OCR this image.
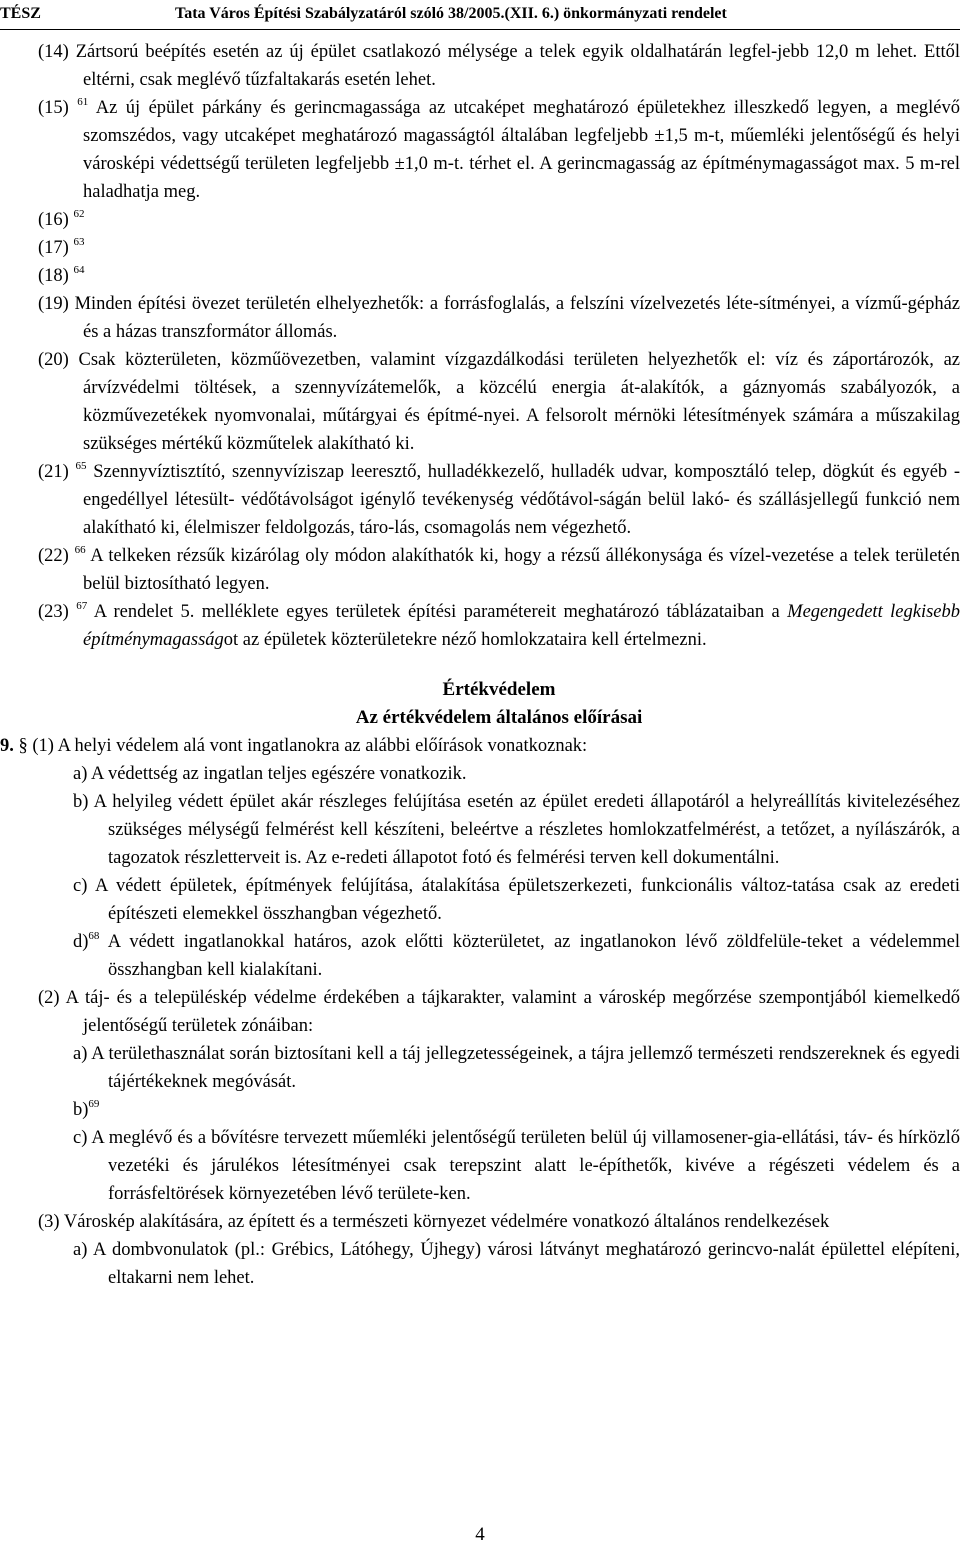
TÉSZ	Tata Város Építési Szabályzatáról szóló 38/2005.(XII. 6.) önkormányzati rendelet

(14) Zártsorú beépítés esetén az új épület csatlakozó mélysége a telek egyik oldalhatárán legfel-jebb 12,0 m lehet. Ettől eltérni, csak meglévő tűzfaltakarás esetén lehet.

(15) $^{61}$ Az új épület párkány és gerincmagassága az utcaképet meghatározó épületekhez illeszkedő legyen, a meglévő szomszédos, vagy utcaképet meghatározó magasságtól általában legfeljebb ±1,5 m-t, műemléki jelentőségű és helyi városképi védettségű területen legfeljebb ±1,0 m-t. térhet el. A gerincmagasság az építménymagasságot max. 5 m-rel haladhatja meg.

(16) $^{62}$

(17) $^{63}$

(18) $^{64}$

(19) Minden építési övezet területén elhelyezhetők: a forrásfoglalás, a felszíni vízelvezetés léte-sítményei, a vízmű-gépház és a házas transzformátor állomás.

(20) Csak közterületen, közműövezetben, valamint vízgazdálkodási területen helyezhetők el: víz és záportározók, az árvízvédelmi töltések, a szennyvízátemelők, a közcélú energia át-alakítók, a gáznyomás szabályozók, a közművezetékek nyomvonalai, műtárgyai és építmé-nyei. A felsorolt mérnöki létesítmények számára a műszakilag szükséges mértékű közműtelek alakítható ki.

(21) $^{65}$ Szennyvíztisztító, szennyvíziszap leeresztő, hulladékkezelő, hulladék udvar, komposztáló telep, dögkút és egyéb -engedéllyel létesült- védőtávolságot igénylő tevékenység védőtávol-ságán belül lakó- és szállásjellegű funkció nem alakítható ki, élelmiszer feldolgozás, táro-lás, csomagolás nem végezhető.

(22) $^{66}$ A telkeken rézsűk kizárólag oly módon alakíthatók ki, hogy a rézsű állékonysága és vízel-vezetése a telek területén belül biztosítható legyen.

(23) $^{67}$ A rendelet 5. melléklete egyes területek építési paramétereit meghatározó táblázataiban a Megengedett legkisebb építménymagasságot az épületek közterületekre néző homlokzataira kell értelmezni.

Értékvédelem

Az értékvédelem általános előírásai

9. § (1) A helyi védelem alá vont ingatlanokra az alábbi előírások vonatkoznak:

a) A védettség az ingatlan teljes egészére vonatkozik.

b) A helyileg védett épület akár részleges felújítása esetén az épület eredeti állapotáról a helyreállítás kivitelezéséhez szükséges mélységű felmérést kell készíteni, beleértve a részletes homlokzatfelmérést, a tetőzet, a nyílászárók, a tagozatok részletterveit is. Az e-redeti állapotot fotó és felmérési terven kell dokumentálni.

c) A védett épületek, építmények felújítása, átalakítása épületszerkezeti, funkcionális változ-tatása csak az eredeti építészeti elemekkel összhangban végezhető.

d)$^{68}$ A védett ingatlanokkal határos, azok előtti közterületet, az ingatlanokon lévő zöldfelüle-teket a védelemmel összhangban kell kialakítani.

(2) A táj- és a településkép védelme érdekében a tájkarakter, valamint a városkép megőrzése szempontjából kiemelkedő jelentőségű területek zónáiban:

a) A területhasználat során biztosítani kell a táj jellegzetességeinek, a tájra jellemző természeti rendszereknek és egyedi tájértékeknek megóvását.

b)$^{69}$

c) A meglévő és a bővítésre tervezett műemléki jelentőségű területen belül új villamosener-gia-ellátási, táv- és hírközlő vezetéki és járulékos létesítményei csak terepszint alatt le-építhetők, kivéve a régészeti védelem és a forrásfeltörések környezetében lévő területe-ken.

(3) Városkép alakítására, az épített és a természeti környezet védelmére vonatkozó általános rendelkezések

a) A dombvonulatok (pl.: Grébics, Látóhegy, Újhegy) városi látványt meghatározó gerincvo-nalát épülettel elépíteni, eltakarni nem lehet.

4
